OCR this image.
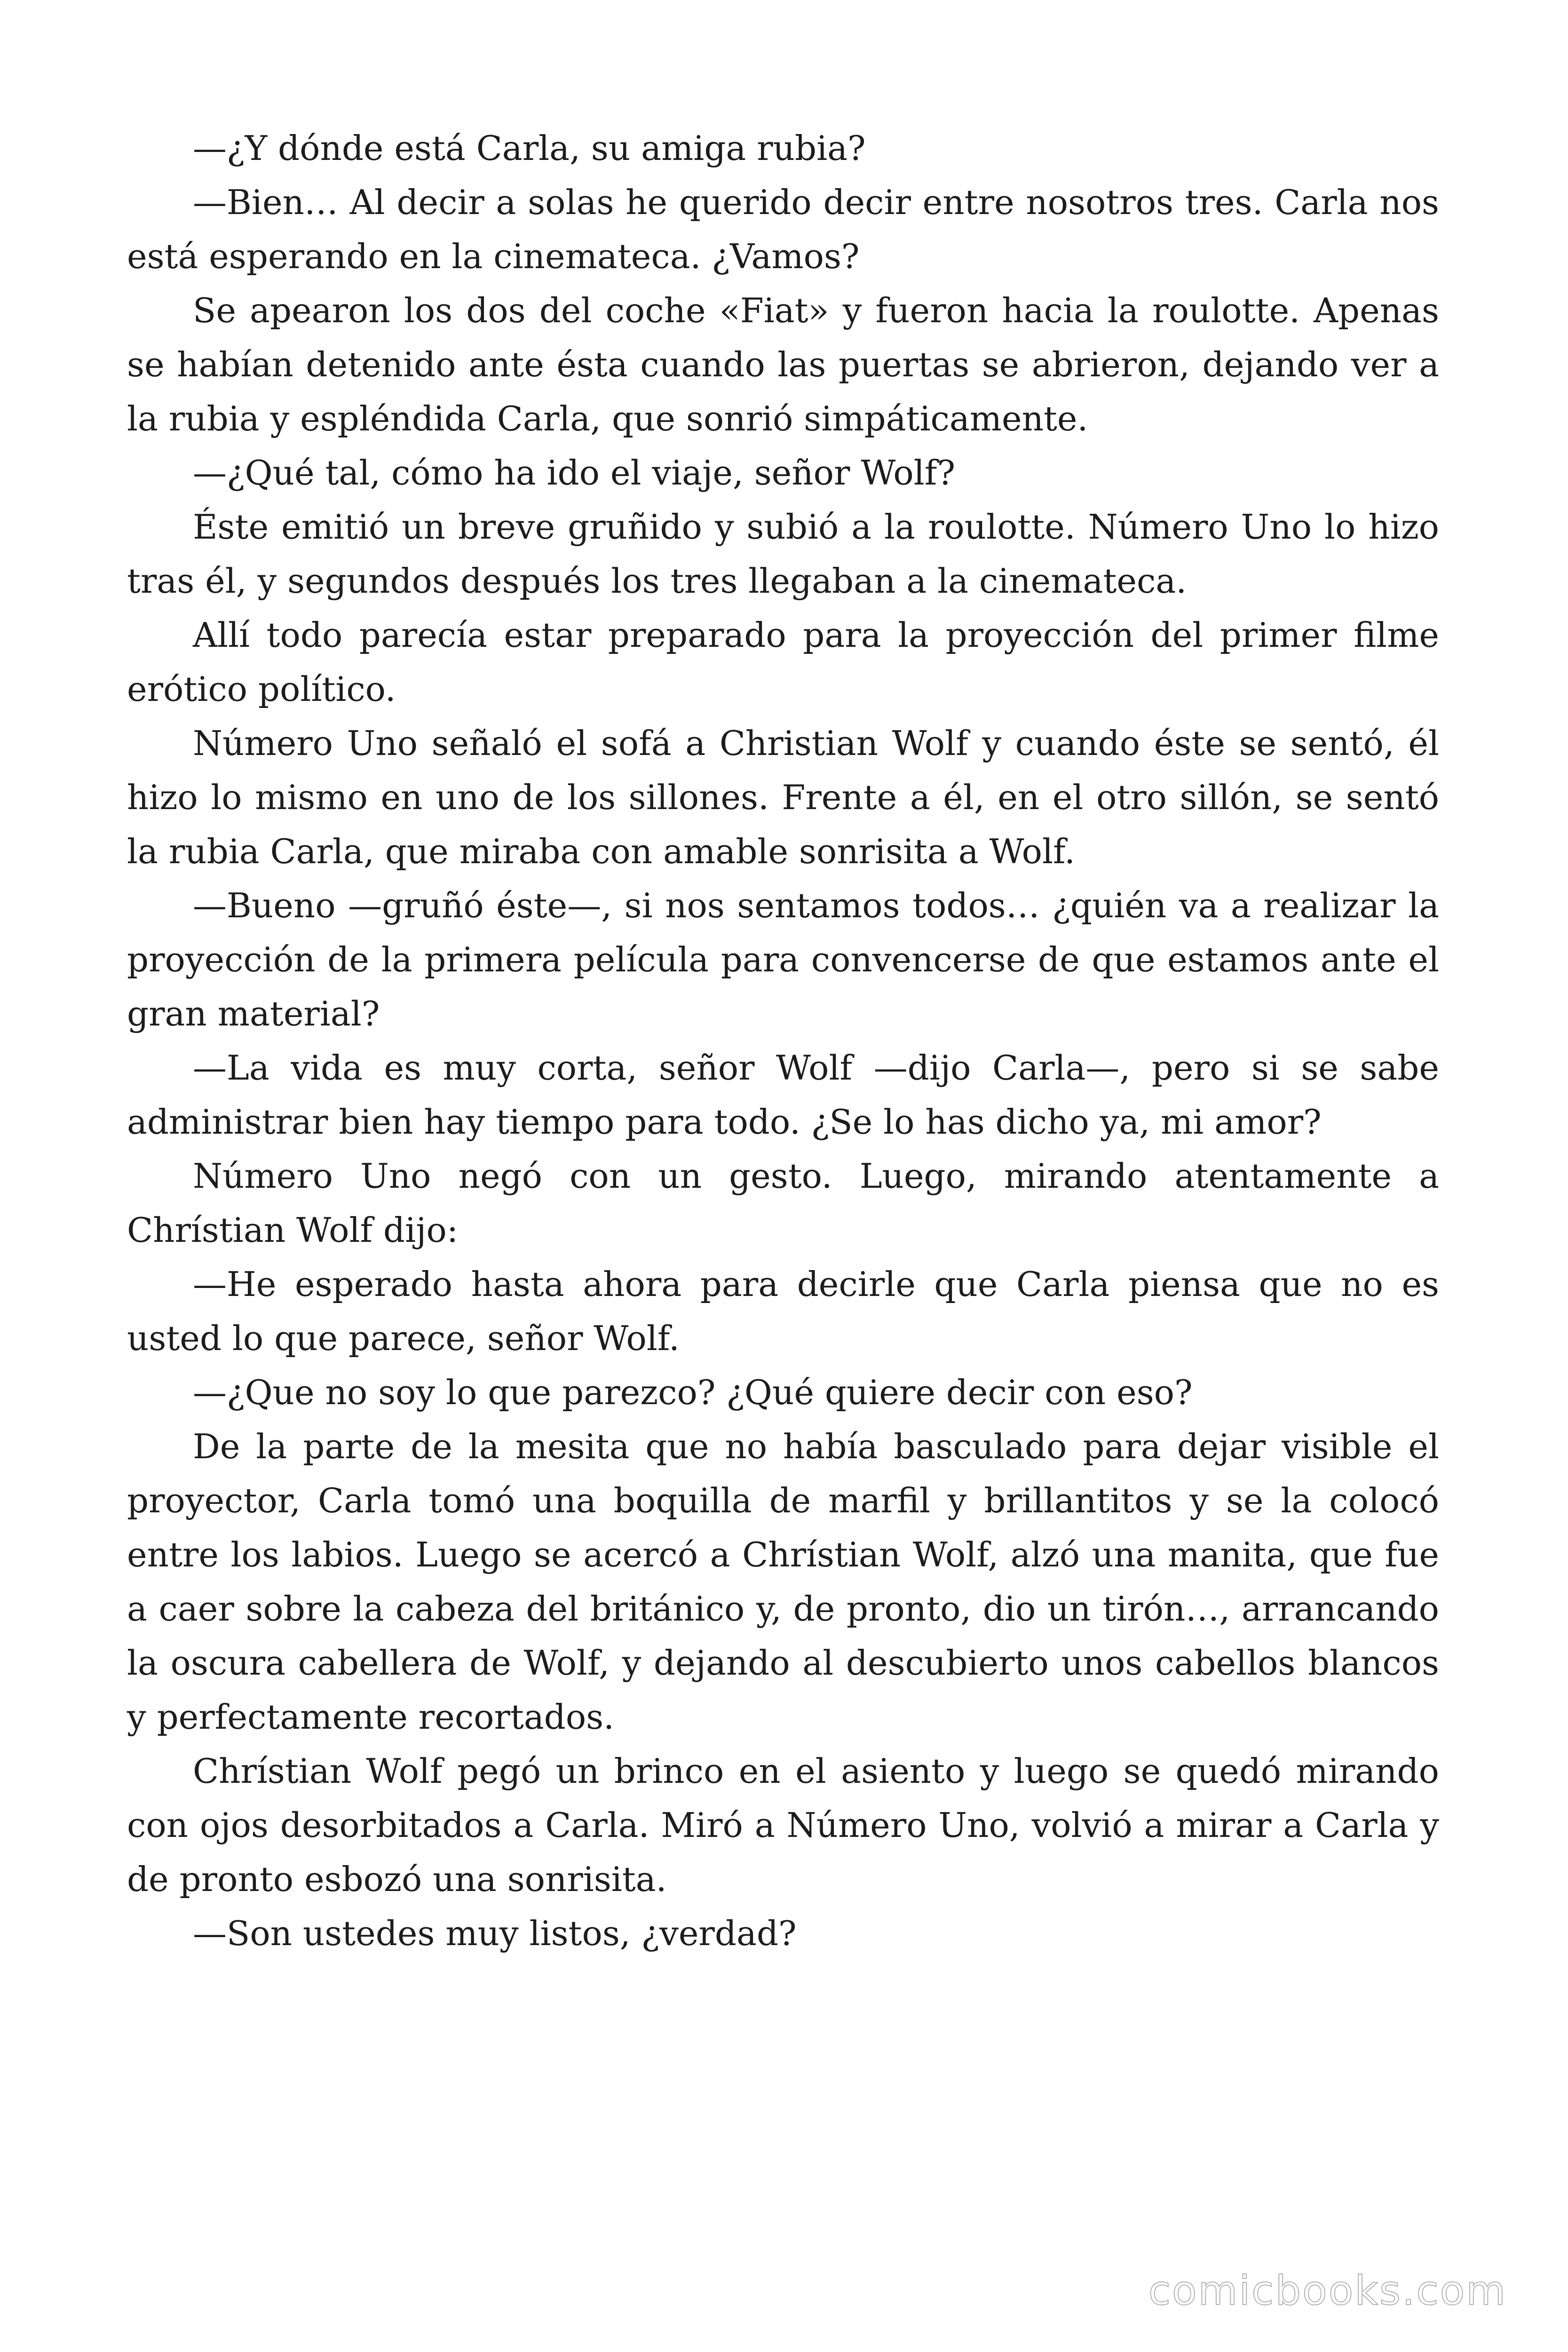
—¿Y dónde está Carla, su amiga rubia?

—Bien… Al decir a solas he querido decir entre nosotros tres. Carla nos está esperando en la cinemateca. ¿Vamos?

Se apearon los dos del coche «Fiat» y fueron hacia la roulotte. Apenas se habían detenido ante ésta cuando las puertas se abrieron, dejando ver a la rubia y espléndida Carla, que sonrió simpáticamente.

—¿Qué tal, cómo ha ido el viaje, señor Wolf?

Éste emitió un breve gruñido y subió a la roulotte. Número Uno lo hizo tras él, y segundos después los tres llegaban a la cinemateca.

Allí todo parecía estar preparado para la proyección del primer filme erótico político.

Número Uno señaló el sofá a Christian Wolf y cuando éste se sentó, él hizo lo mismo en uno de los sillones. Frente a él, en el otro sillón, se sentó la rubia Carla, que miraba con amable sonrisita a Wolf.

—Bueno —gruñó éste—, si nos sentamos todos… ¿quién va a realizar la proyección de la primera película para convencerse de que estamos ante el gran material?

—La vida es muy corta, señor Wolf —dijo Carla—, pero si se sabe administrar bien hay tiempo para todo. ¿Se lo has dicho ya, mi amor?

Número Uno negó con un gesto. Luego, mirando atentamente a Chrístian Wolf dijo:

—He esperado hasta ahora para decirle que Carla piensa que no es usted lo que parece, señor Wolf.

—¿Que no soy lo que parezco? ¿Qué quiere decir con eso?

De la parte de la mesita que no había basculado para dejar visible el proyector, Carla tomó una boquilla de marfil y brillantitos y se la colocó entre los labios. Luego se acercó a Chrístian Wolf, alzó una manita, que fue a caer sobre la cabeza del británico y, de pronto, dio un tirón…, arrancando la oscura cabellera de Wolf, y dejando al descubierto unos cabellos blancos y perfectamente recortados.

Chrístian Wolf pegó un brinco en el asiento y luego se quedó mirando con ojos desorbitados a Carla. Miró a Número Uno, volvió a mirar a Carla y de pronto esbozó una sonrisita.

—Son ustedes muy listos, ¿verdad?

comicbooks.com
